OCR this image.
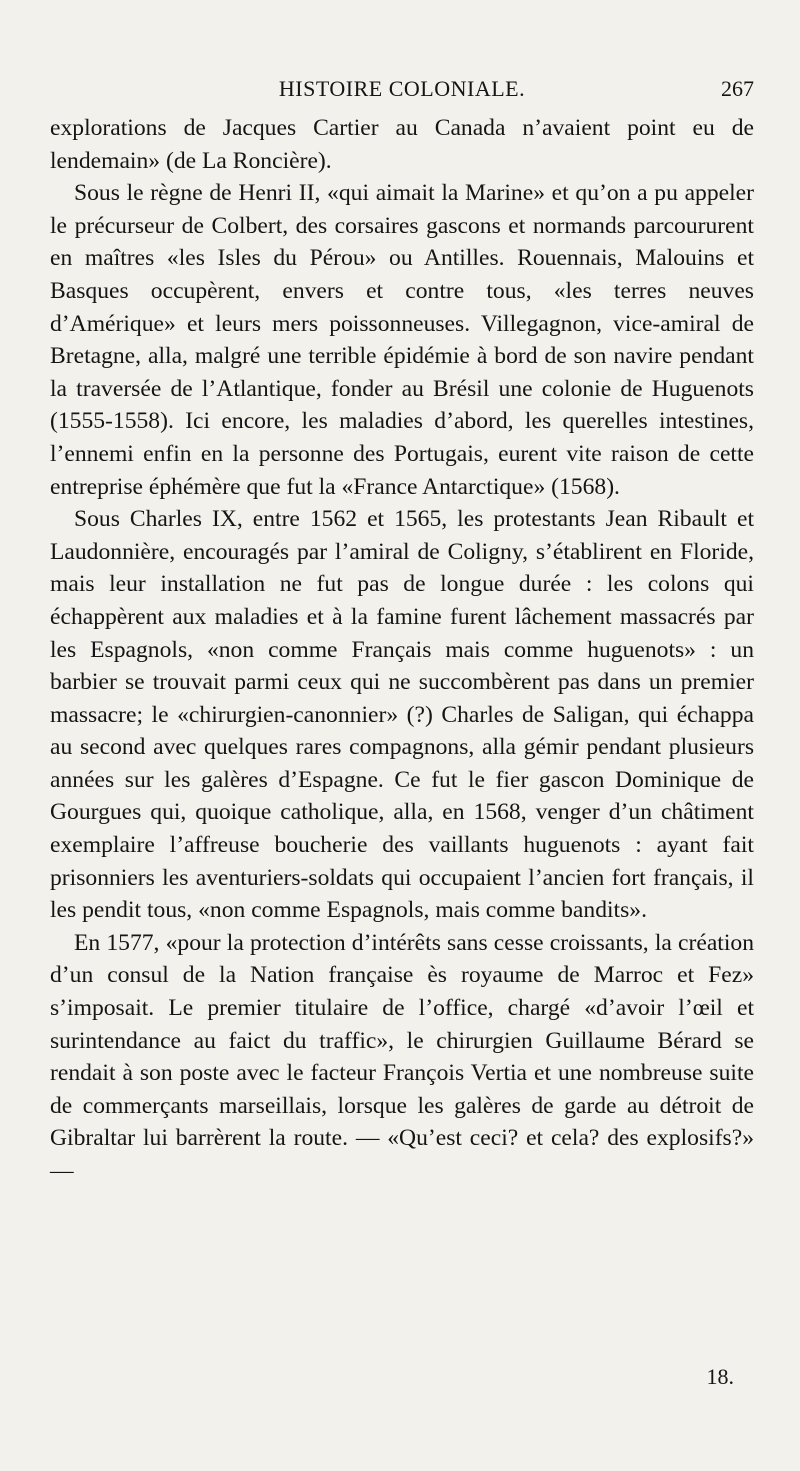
HISTOIRE COLONIALE.	267

explorations de Jacques Cartier au Canada n’avaient point eu de lendemain» (de La Roncière).

Sous le règne de Henri II, «qui aimait la Marine» et qu’on a pu appeler le précurseur de Colbert, des corsaires gascons et normands parcoururent en maîtres «les Isles du Pérou» ou Antilles. Rouennais, Malouins et Basques occupèrent, envers et contre tous, «les terres neuves d’Amérique» et leurs mers poissonneuses. Villegagnon, vice-amiral de Bretagne, alla, malgré une terrible épidémie à bord de son navire pendant la traversée de l’Atlantique, fonder au Brésil une colonie de Huguenots (1555-1558). Ici encore, les maladies d’abord, les querelles intestines, l’ennemi enfin en la personne des Portugais, eurent vite raison de cette entreprise éphémère que fut la «France Antarctique» (1568).

Sous Charles IX, entre 1562 et 1565, les protestants Jean Ribault et Laudonnière, encouragés par l’amiral de Coligny, s’établirent en Floride, mais leur installation ne fut pas de longue durée : les colons qui échappèrent aux maladies et à la famine furent lâchement massacrés par les Espagnols, «non comme Français mais comme huguenots» : un barbier se trouvait parmi ceux qui ne succombèrent pas dans un premier massacre; le «chirurgien-canonnier» (?) Charles de Saligan, qui échappa au second avec quelques rares compagnons, alla gémir pendant plusieurs années sur les galères d’Espagne. Ce fut le fier gascon Dominique de Gourgues qui, quoique catholique, alla, en 1568, venger d’un châtiment exemplaire l’affreuse boucherie des vaillants huguenots : ayant fait prisonniers les aventuriers-soldats qui occupaient l’ancien fort français, il les pendit tous, «non comme Espagnols, mais comme bandits».

En 1577, «pour la protection d’intérêts sans cesse croissants, la création d’un consul de la Nation française ès royaume de Marroc et Fez» s’imposait. Le premier titulaire de l’office, chargé «d’avoir l’œil et surintendance au faict du traffic», le chirurgien Guillaume Bérard se rendait à son poste avec le facteur François Vertia et une nombreuse suite de commerçants marseillais, lorsque les galères de garde au détroit de Gibraltar lui barrèrent la route. — «Qu’est ceci? et cela? des explosifs?» —

18.
